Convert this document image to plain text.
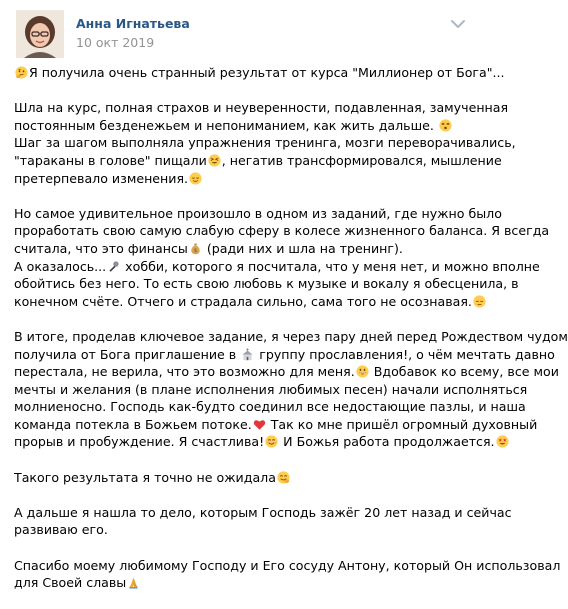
Анна Игнатьева
10 окт 2019
Я получила очень странный результат от курса "Миллионер от Бога"...
Шла на курс, полная страхов и неуверенности, подавленная, замученная
постоянным безденежьем и непониманием, как жить дальше.
Шаг за шагом выполняла упражнения тренинга, мозги переворачивались,
"тараканы в голове" пищали , негатив трансформировался, мышление
претерпевало изменения.
Но самое удивительное произошло в одном из заданий, где нужно было
проработать свою самую слабую сферу в колесе жизненного баланса. Я всегда
считала, что это финансы $ (ради них и шла на тренинг).
А оказалось...
хобби, которого я посчитала, что у меня нет, и можно вполне
обойтись без него. То есть свою любовь к музыке и вокалу я обесценила, в
конечном счёте. Отчего и страдала сильно, сама того не осознавая.
В итоге, проделав ключевое задание, я через пару дней перед Рождеством чудом
получила от Бога приглашение в
группу прославления!, о чём мечтать давно
перестала, не верила, что это возможно для меня.
Вдобавок ко всему, все мои
мечты и желания (в плане исполнения любимых песен) начали исполняться
молниеносно. Господь как-будто соединил все недостающие пазлы, и наша
команда потекла в Божьем потоке.
Так ко мне пришёл огромный духовный
прорыв и пробуждение. Я счастлива!
И Божья работа продолжается.
Такого результата я точно не ожидала
А дальше я нашла то дело, которым Господь зажёг 20 лет назад и сейчас
развиваю его.
Спасибо моему любимому Господу и Его сосуду Антону, который Он использовал
для Своей славы
